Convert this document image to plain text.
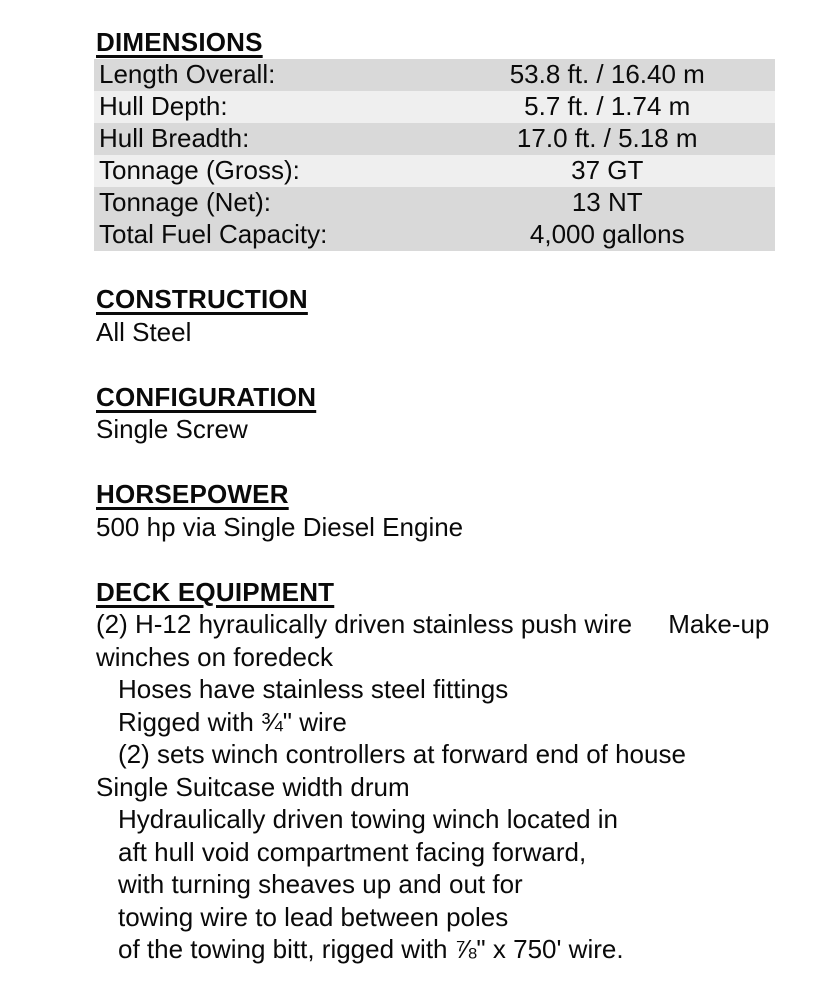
DIMENSIONS
Length Overall:	53.8 ft. / 16.40 m
Hull Depth:	5.7 ft. / 1.74 m
Hull Breadth:	17.0 ft. / 5.18 m
Tonnage (Gross):	37 GT
Tonnage (Net):	13 NT
Total Fuel Capacity:	4,000 gallons
CONSTRUCTION
All Steel
CONFIGURATION
Single Screw
HORSEPOWER
500 hp via Single Diesel Engine
DECK EQUIPMENT
(2) H-12 hyraulically driven stainless push wire     Make-up
winches on foredeck
Hoses have stainless steel fittings
Rigged with ¾" wire
(2) sets winch controllers at forward end of house
Single Suitcase width drum
Hydraulically driven towing winch located in
aft hull void compartment facing forward,
with turning sheaves up and out for
towing wire to lead between poles
of the towing bitt, rigged with ⅞" x 750' wire.
